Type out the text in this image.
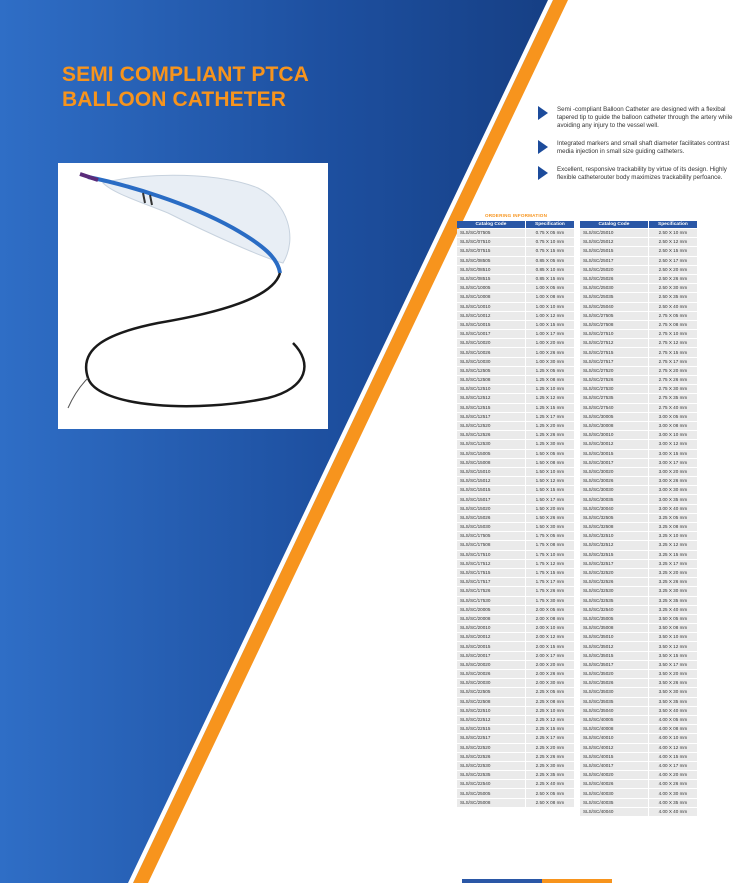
SEMI COMPLIANT PTCA
BALLOON CATHETER	Semi -compliant Balloon Catheter are designed with a flexibal tapered tip to guide the balloon catheter through the artery while avoiding any injury to the vessel well.
Integrated markers and small shaft diameter facilitates contrast media injection in small size guiding catheters.
Excellent, responsive trackability by virtue of its design. Highly flexible catheterouter body maximizes trackability perfoance.
ORDERING INFORMATION
Catalog Code	Specification
SLS/SC/07505	0.75 X 05 mm
SLS/SC/07510	0.75 X 10 mm
SLS/SC/07515	0.75 X 15 mm
SLS/SC/08505	0.85 X 05 mm
SLS/SC/08510	0.85 X 10 mm
SLS/SC/08515	0.85 X 15 mm
SLS/SC/10005	1.00 X 05 mm
SLS/SC/10008	1.00 X 08 mm
SLS/SC/10010	1.00 X 10 mm
SLS/SC/10012	1.00 X 12 mm
SLS/SC/10015	1.00 X 15 mm
SLS/SC/10017	1.00 X 17 mm
SLS/SC/10020	1.00 X 20 mm
SLS/SC/10026	1.00 X 26 mm
SLS/SC/10030	1.00 X 30 mm
SLS/SC/12505	1.25 X 05 mm
SLS/SC/12508	1.25 X 08 mm
SLS/SC/12510	1.25 X 10 mm
SLS/SC/12512	1.25 X 12 mm
SLS/SC/12515	1.25 X 15 mm
SLS/SC/12517	1.25 X 17 mm
SLS/SC/12520	1.25 X 20 mm
SLS/SC/12526	1.25 X 26 mm
SLS/SC/12530	1.25 X 30 mm
SLS/SC/15005	1.50 X 05 mm
SLS/SC/15008	1.50 X 08 mm
SLS/SC/15010	1.50 X 10 mm
SLS/SC/15012	1.50 X 12 mm
SLS/SC/15015	1.50 X 15 mm
SLS/SC/15017	1.50 X 17 mm
SLS/SC/15020	1.50 X 20 mm
SLS/SC/15026	1.50 X 26 mm
SLS/SC/15030	1.50 X 30 mm
SLS/SC/17505	1.75 X 05 mm
SLS/SC/17508	1.75 X 08 mm
SLS/SC/17510	1.75 X 10 mm
SLS/SC/17512	1.75 X 12 mm
SLS/SC/17515	1.75 X 15 mm
SLS/SC/17517	1.75 X 17 mm
SLS/SC/17526	1.75 X 26 mm
SLS/SC/17530	1.75 X 30 mm
SLS/SC/20005	2.00 X 05 mm
SLS/SC/20008	2.00 X 08 mm
SLS/SC/20010	2.00 X 10 mm
SLS/SC/20012	2.00 X 12 mm
SLS/SC/20015	2.00 X 15 mm
SLS/SC/20017	2.00 X 17 mm
SLS/SC/20020	2.00 X 20 mm
SLS/SC/20026	2.00 X 26 mm
SLS/SC/20030	2.00 X 30 mm
SLS/SC/22505	2.25 X 05 mm
SLS/SC/22508	2.25 X 08 mm
SLS/SC/22510	2.25 X 10 mm
SLS/SC/22512	2.25 X 12 mm
SLS/SC/22515	2.25 X 15 mm
SLS/SC/22517	2.25 X 17 mm
SLS/SC/22520	2.25 X 20 mm
SLS/SC/22526	2.25 X 26 mm
SLS/SC/22530	2.25 X 30 mm
SLS/SC/22535	2.25 X 35 mm
SLS/SC/22540	2.25 X 40 mm
SLS/SC/25005	2.50 X 05 mm
SLS/SC/25008	2.50 X 08 mm
Catalog Code	Specification
SLS/SC/25010	2.50 X 10 mm
SLS/SC/25012	2.50 X 12 mm
SLS/SC/25015	2.50 X 15 mm
SLS/SC/25017	2.50 X 17 mm
SLS/SC/25020	2.50 X 20 mm
SLS/SC/25026	2.50 X 26 mm
SLS/SC/25030	2.50 X 30 mm
SLS/SC/25035	2.50 X 35 mm
SLS/SC/25040	2.50 X 40 mm
SLS/SC/27505	2.75 X 05 mm
SLS/SC/27508	2.75 X 08 mm
SLS/SC/27510	2.75 X 10 mm
SLS/SC/27512	2.75 X 12 mm
SLS/SC/27515	2.75 X 15 mm
SLS/SC/27517	2.75 X 17 mm
SLS/SC/27520	2.75 X 20 mm
SLS/SC/27526	2.75 X 26 mm
SLS/SC/27530	2.75 X 30 mm
SLS/SC/27535	2.75 X 35 mm
SLS/SC/27540	2.75 X 40 mm
SLS/SC/30005	3.00 X 05 mm
SLS/SC/30008	3.00 X 08 mm
SLS/SC/30010	3.00 X 10 mm
SLS/SC/30012	3.00 X 12 mm
SLS/SC/30015	3.00 X 15 mm
SLS/SC/30017	3.00 X 17 mm
SLS/SC/30020	3.00 X 20 mm
SLS/SC/30026	3.00 X 26 mm
SLS/SC/30030	3.00 X 30 mm
SLS/SC/30035	3.00 X 35 mm
SLS/SC/30040	3.00 X 40 mm
SLS/SC/32505	3.25 X 05 mm
SLS/SC/32508	3.25 X 08 mm
SLS/SC/32510	3.25 X 10 mm
SLS/SC/32512	3.25 X 12 mm
SLS/SC/32515	3.25 X 15 mm
SLS/SC/32517	3.25 X 17 mm
SLS/SC/32520	3.25 X 20 mm
SLS/SC/32526	3.25 X 26 mm
SLS/SC/32530	3.25 X 30 mm
SLS/SC/32535	3.25 X 35 mm
SLS/SC/32540	3.25 X 40 mm
SLS/SC/35005	3.50 X 05 mm
SLS/SC/35008	3.50 X 08 mm
SLS/SC/35010	3.50 X 10 mm
SLS/SC/35012	3.50 X 12 mm
SLS/SC/35015	3.50 X 15 mm
SLS/SC/35017	3.50 X 17 mm
SLS/SC/35020	3.50 X 20 mm
SLS/SC/35026	3.50 X 26 mm
SLS/SC/35030	3.50 X 30 mm
SLS/SC/35035	3.50 X 35 mm
SLS/SC/35040	3.50 X 40 mm
SLS/SC/40005	4.00 X 05 mm
SLS/SC/40008	4.00 X 08 mm
SLS/SC/40010	4.00 X 10 mm
SLS/SC/40012	4.00 X 12 mm
SLS/SC/40015	4.00 X 15 mm
SLS/SC/40017	4.00 X 17 mm
SLS/SC/40020	4.00 X 20 mm
SLS/SC/40026	4.00 X 26 mm
SLS/SC/40030	4.00 X 30 mm
SLS/SC/40035	4.00 X 35 mm
SLS/SC/40040	4.00 X 40 mm
